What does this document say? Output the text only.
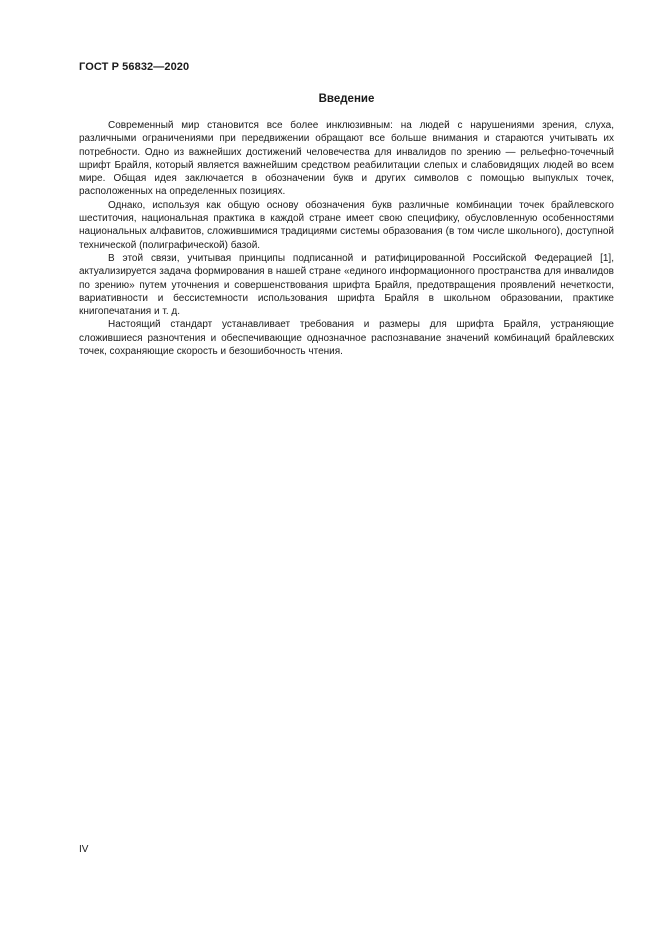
ГОСТ Р 56832—2020
Введение

Современный мир становится все более инклюзивным: на людей с нарушениями зрения, слуха, различными ограничениями при передвижении обращают все больше внимания и стараются учитывать их потребности. Одно из важнейших достижений человечества для инвалидов по зрению — рельефно-точечный шрифт Брайля, который является важнейшим средством реабилитации слепых и слабовидящих людей во всем мире. Общая идея заключается в обозначении букв и других символов с помощью выпуклых точек, расположенных на определенных позициях.

Однако, используя как общую основу обозначения букв различные комбинации точек брайлевского шеститочия, национальная практика в каждой стране имеет свою специфику, обусловленную особенностями национальных алфавитов, сложившимися традициями системы образования (в том числе школьного), доступной технической (полиграфической) базой.

В этой связи, учитывая принципы подписанной и ратифицированной Российской Федерацией [1], актуализируется задача формирования в нашей стране «единого информационного пространства для инвалидов по зрению» путем уточнения и совершенствования шрифта Брайля, предотвращения проявлений нечеткости, вариативности и бессистемности использования шрифта Брайля в школьном образовании, практике книгопечатания и т. д.

Настоящий стандарт устанавливает требования и размеры для шрифта Брайля, устраняющие сложившиеся разночтения и обеспечивающие однозначное распознавание значений комбинаций брайлевских точек, сохраняющие скорость и безошибочность чтения.

IV
